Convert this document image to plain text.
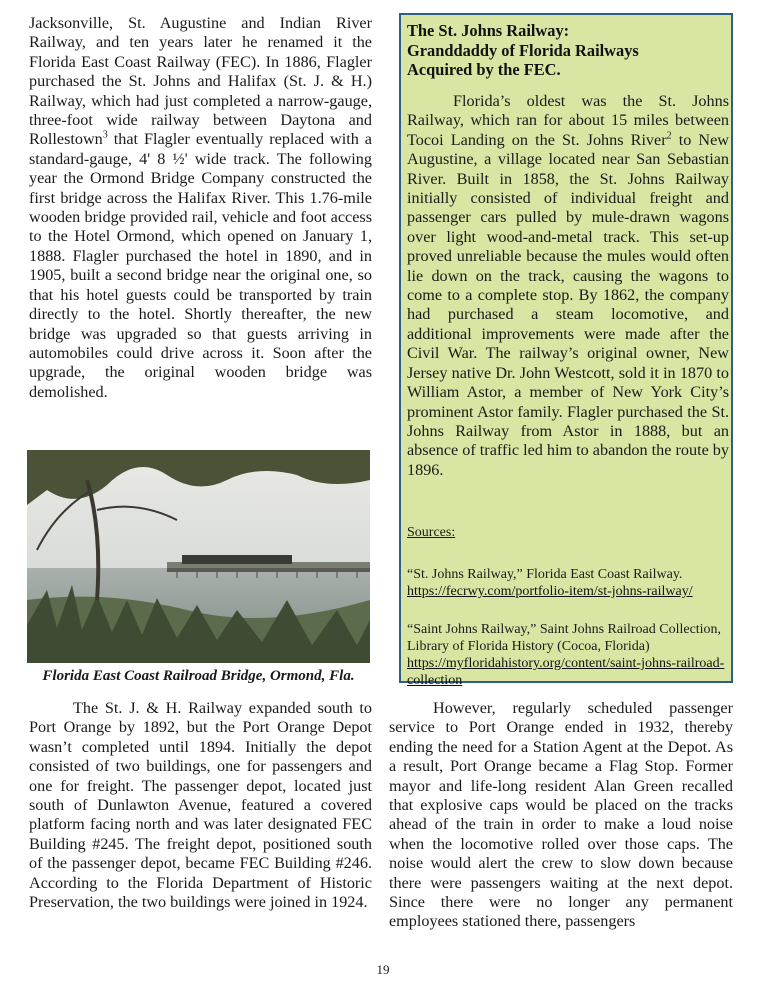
Jacksonville, St. Augustine and Indian River Railway, and ten years later he renamed it the Florida East Coast Railway (FEC). In 1886, Flagler purchased the St. Johns and Halifax (St. J. & H.) Railway, which had just completed a narrow-gauge, three-foot wide railway between Daytona and Rollestown$^3$ that Flagler eventually replaced with a standard-gauge, 4' 8 ½' wide track. The following year the Ormond Bridge Company constructed the first bridge across the Halifax River. This 1.76-mile wooden bridge provided rail, vehicle and foot access to the Hotel Ormond, which opened on January 1, 1888. Flagler purchased the hotel in 1890, and in 1905, built a second bridge near the original one, so that his hotel guests could be transported by train directly to the hotel. Shortly thereafter, the new bridge was upgraded so that guests arriving in automobiles could drive across it. Soon after the upgrade, the original wooden bridge was demolished.

Florida East Coast Railroad Bridge, Ormond, Fla.

The St. J. & H. Railway expanded south to Port Orange by 1892, but the Port Orange Depot wasn’t completed until 1894. Initially the depot consisted of two buildings, one for passengers and one for freight. The passenger depot, located just south of Dunlawton Avenue, featured a covered platform facing north and was later designated FEC Building #245. The freight depot, positioned south of the passenger depot, became FEC Building #246. According to the Florida Department of Historic Preservation, the two buildings were joined in 1924.

The St. Johns Railway:
Granddaddy of Florida Railways
Acquired by the FEC.

Florida’s oldest was the St. Johns Railway, which ran for about 15 miles between Tocoi Landing on the St. Johns River$^2$ to New Augustine, a village located near San Sebastian River. Built in 1858, the St. Johns Railway initially consisted of individual freight and passenger cars pulled by mule-drawn wagons over light wood-and-metal track. This set-up proved unreliable because the mules would often lie down on the track, causing the wagons to come to a complete stop. By 1862, the company had purchased a steam locomotive, and additional improvements were made after the Civil War. The railway’s original owner, New Jersey native Dr. John Westcott, sold it in 1870 to William Astor, a member of New York City’s prominent Astor family. Flagler purchased the St. Johns Railway from Astor in 1888, but an absence of traffic led him to abandon the route by 1896.

Sources:
“St. Johns Railway,” Florida East Coast Railway.
https://fecrwy.com/portfolio-item/st-johns-railway/
“Saint Johns Railway,” Saint Johns Railroad Collection, Library of Florida History (Cocoa, Florida)
https://myfloridahistory.org/content/saint-johns-railroad-collection

However, regularly scheduled passenger service to Port Orange ended in 1932, thereby ending the need for a Station Agent at the Depot. As a result, Port Orange became a Flag Stop. Former mayor and life-long resident Alan Green recalled that explosive caps would be placed on the tracks ahead of the train in order to make a loud noise when the locomotive rolled over those caps. The noise would alert the crew to slow down because there were passengers waiting at the next depot. Since there were no longer any permanent employees stationed there, passengers

19
